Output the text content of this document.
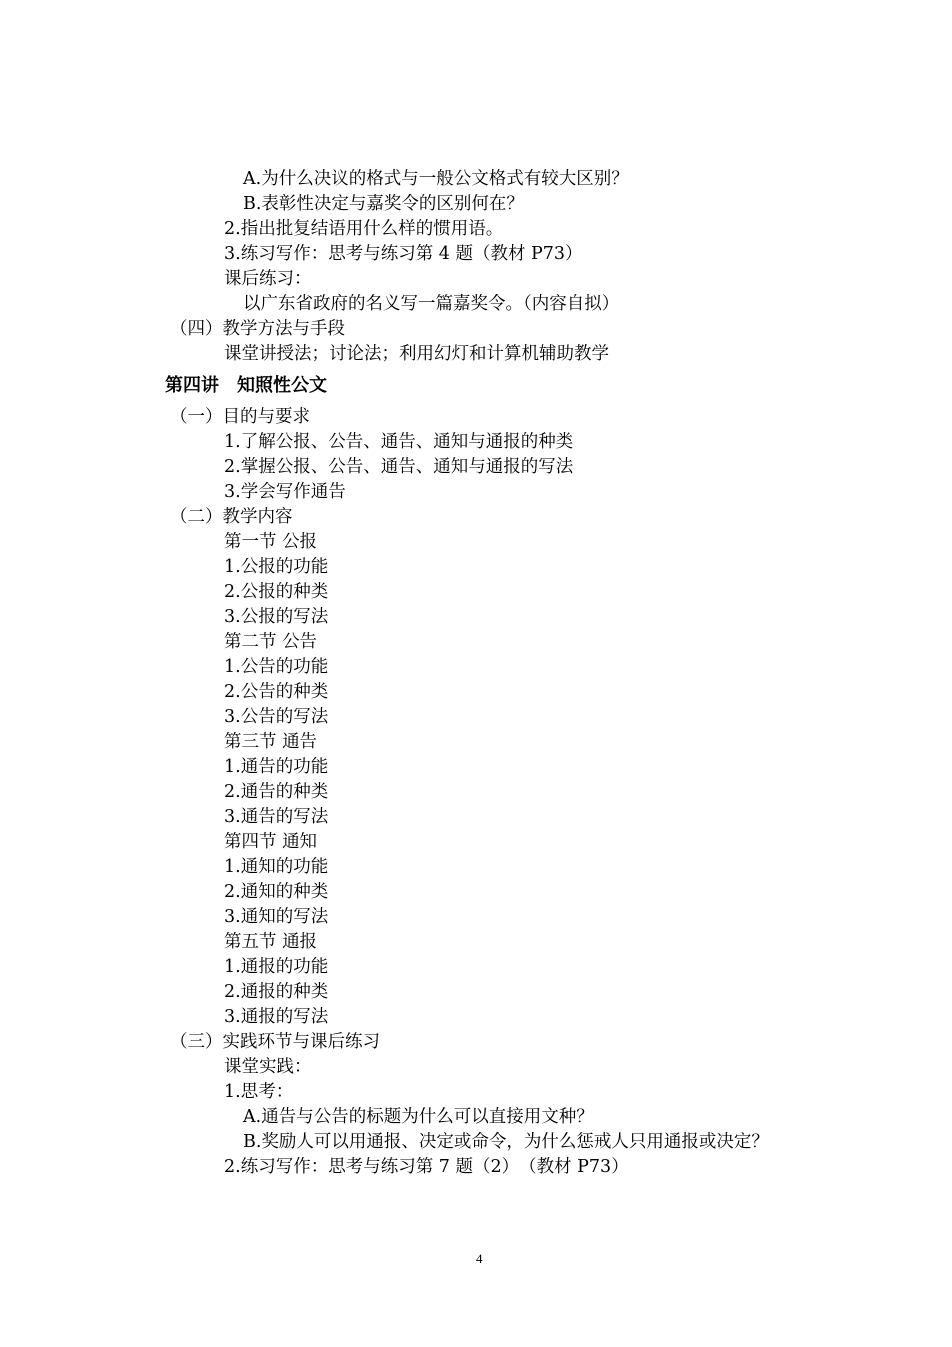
A.为什么决议的格式与一般公文格式有较大区别？
B.表彰性决定与嘉奖令的区别何在？
2.指出批复结语用什么样的惯用语。
3.练习写作：思考与练习第 4 题（教材 P73）
课后练习：
以广东省政府的名义写一篇嘉奖令。（内容自拟）
（四）教学方法与手段
课堂讲授法；讨论法；利用幻灯和计算机辅助教学
第四讲　知照性公文
（一）目的与要求
1.了解公报、公告、通告、通知与通报的种类
2.掌握公报、公告、通告、通知与通报的写法
3.学会写作通告
（二）教学内容
第一节 公报
1.公报的功能
2.公报的种类
3.公报的写法
第二节 公告
1.公告的功能
2.公告的种类
3.公告的写法
第三节 通告
1.通告的功能
2.通告的种类
3.通告的写法
第四节 通知
1.通知的功能
2.通知的种类
3.通知的写法
第五节 通报
1.通报的功能
2.通报的种类
3.通报的写法
（三）实践环节与课后练习
课堂实践：
1.思考：
A.通告与公告的标题为什么可以直接用文种？
B.奖励人可以用通报、决定或命令，为什么惩戒人只用通报或决定？
2.练习写作：思考与练习第 7 题（2）　（教材 P73）
4
